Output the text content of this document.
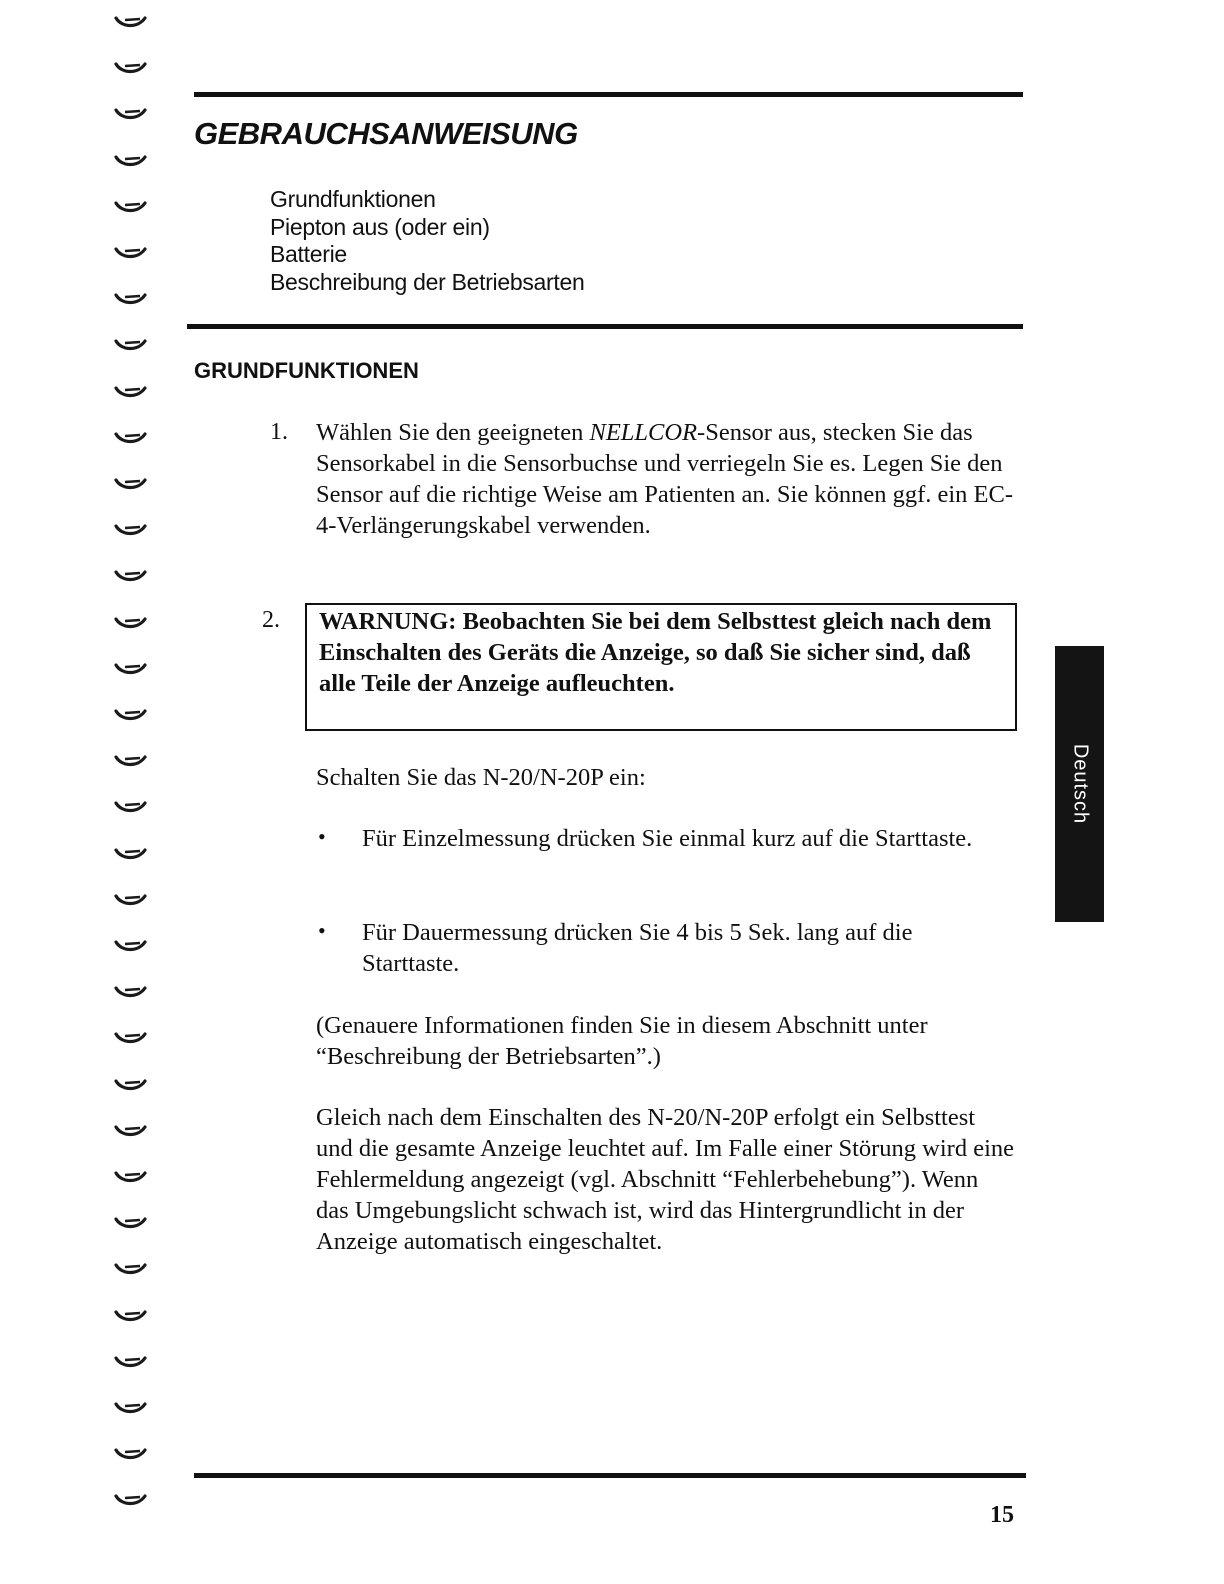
GEBRAUCHSANWEISUNG
Grundfunktionen
Piepton aus (oder ein)
Batterie
Beschreibung der Betriebsarten
GRUNDFUNKTIONEN
1. Wählen Sie den geeigneten NELLCOR-Sensor aus, stecken Sie das Sensorkabel in die Sensorbuchse und verriegeln Sie es. Legen Sie den Sensor auf die richtige Weise am Patienten an. Sie können ggf. ein EC-4-Verlängerungskabel verwenden.

2.	WARNUNG: Beobachten Sie bei dem Selbsttest gleich nach dem Einschalten des Geräts die Anzeige, so daß Sie sicher sind, daß alle Teile der Anzeige aufleuchten.

Schalten Sie das N-20/N-20P ein:

• Für Einzelmessung drücken Sie einmal kurz auf die Starttaste.

• Für Dauermessung drücken Sie 4 bis 5 Sek. lang auf die Starttaste.

(Genauere Informationen finden Sie in diesem Abschnitt unter “Beschreibung der Betriebsarten”.)

Gleich nach dem Einschalten des N-20/N-20P erfolgt ein Selbsttest und die gesamte Anzeige leuchtet auf. Im Falle einer Störung wird eine Fehlermeldung angezeigt (vgl. Abschnitt “Fehlerbehebung”). Wenn das Umgebungslicht schwach ist, wird das Hintergrundlicht in der Anzeige automatisch eingeschaltet.

Deutsch

15
